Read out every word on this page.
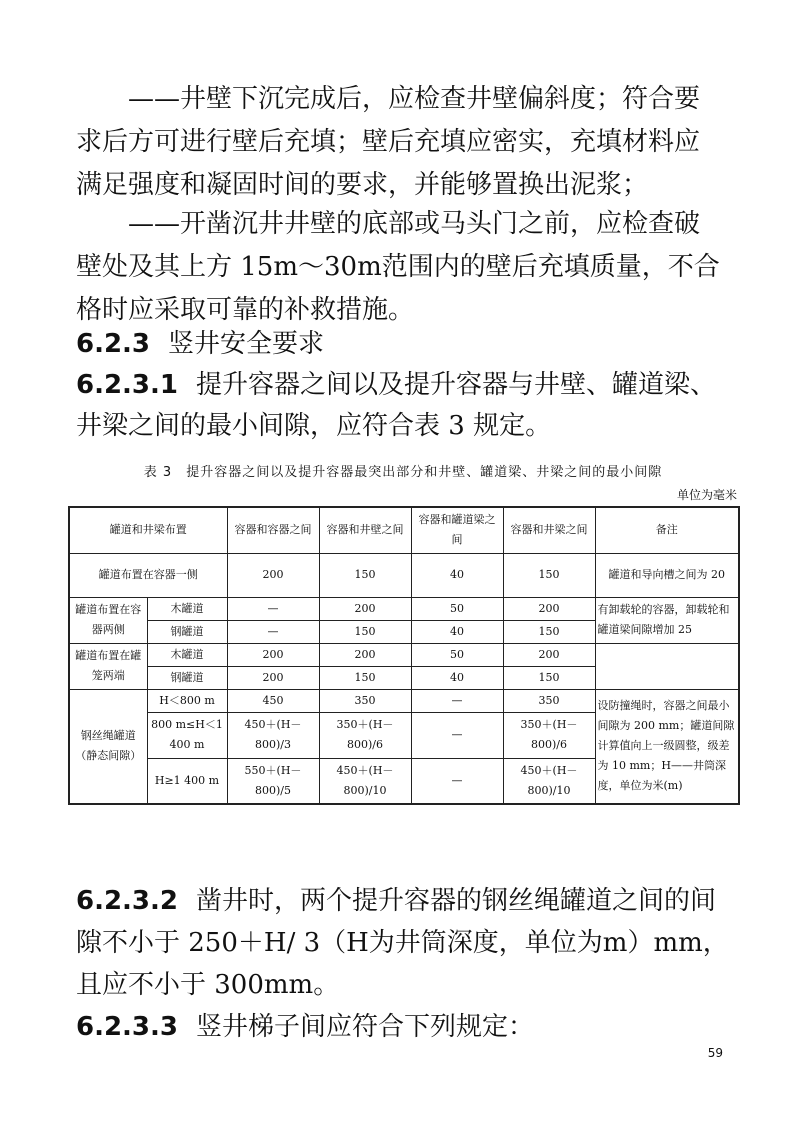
——井壁下沉完成后，应检查井壁偏斜度；符合要
求后方可进行壁后充填；壁后充填应密实，充填材料应
满足强度和凝固时间的要求，并能够置换出泥浆；
——开凿沉井井壁的底部或马头门之前，应检查破
壁处及其上方 15m～30m范围内的壁后充填质量，不合
格时应采取可靠的补救措施。
6.2.3 竖井安全要求
6.2.3.1 提升容器之间以及提升容器与井壁、罐道梁、
井梁之间的最小间隙，应符合表 3 规定。
表 3　提升容器之间以及提升容器最突出部分和井壁、罐道梁、井梁之间的最小间隙
单位为毫米
罐道和井梁布置		容器和容器之间	容器和井壁之间	容器和罐道梁之间	容器和井梁之间	备注
罐道布置在容器一侧		200	150	40	150	罐道和导向槽之间为 20
罐道布置在容器两侧	木罐道	—	200	50	200	有卸载轮的容器，卸载轮和罐道梁间隙增加 25
	钢罐道	—	150	40	150	
罐道布置在罐笼两端	木罐道	200	200	50	200	
	钢罐道	200	150	40	150	
钢丝绳罐道（静态间隙）	H＜800 m	450	350	—	350	设防撞绳时，容器之间最小间隙为 200 mm；罐道间隙计算值向上一级圆整，级差为 10 mm；H——井筒深度，单位为米(m)
	800 m≤H＜1 400 m	450＋(H－800)/3	350＋(H－800)/6	—	350＋(H－800)/6	
	H≥1 400 m	550＋(H－800)/5	450＋(H－800)/10	—	450＋(H－800)/10	
6.2.3.2 凿井时，两个提升容器的钢丝绳罐道之间的间
隙不小于 250＋H/ 3（H为井筒深度，单位为m）mm，
且应不小于 300mm。
6.2.3.3 竖井梯子间应符合下列规定：
59
